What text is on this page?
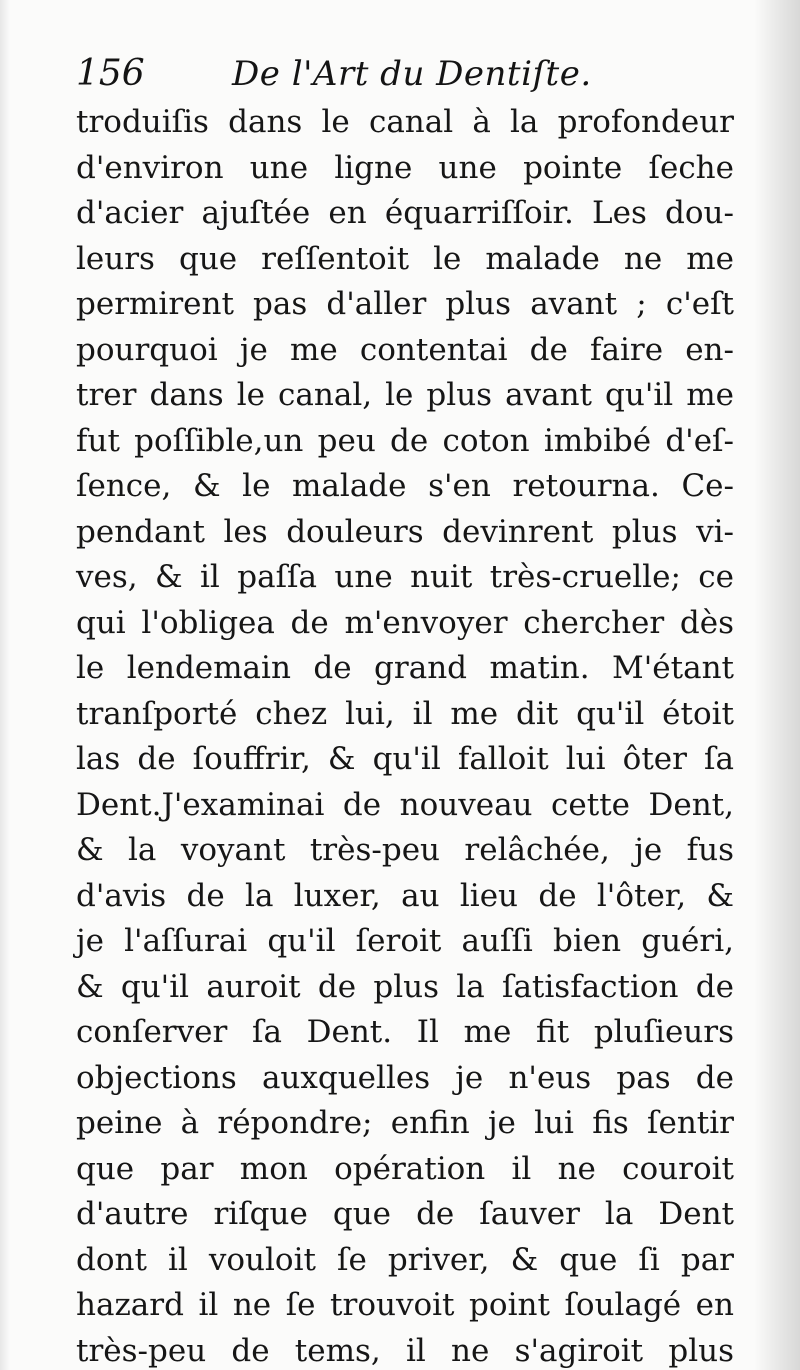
156	De l'Art du Dentiſte.
troduiſis dans le canal à la profondeur
d'environ une ligne une pointe ſeche
d'acier ajuſtée en équarriſſoir. Les dou-
leurs que reſſentoit le malade ne me
permirent pas d'aller plus avant ; c'eſt
pourquoi je me contentai de faire en-
trer dans le canal, le plus avant qu'il me
fut poſſible,un peu de coton imbibé d'eſ-
ſence, & le malade s'en retourna. Ce-
pendant les douleurs devinrent plus vi-
ves, & il paſſa une nuit très-cruelle; ce
qui l'obligea de m'envoyer chercher dès
le lendemain de grand matin. M'étant
tranſporté chez lui, il me dit qu'il étoit
las de ſouffrir, & qu'il falloit lui ôter ſa
Dent.J'examinai de nouveau cette Dent,
& la voyant très-peu relâchée, je fus
d'avis de la luxer, au lieu de l'ôter, &
je l'aſſurai qu'il ſeroit auſſi bien guéri,
& qu'il auroit de plus la ſatisfaction de
conſerver ſa Dent. Il me fit pluſieurs
objections auxquelles je n'eus pas de
peine à répondre; enfin je lui fis ſentir
que par mon opération il ne couroit
d'autre riſque que de ſauver la Dent
dont il vouloit ſe priver, & que ſi par
hazard il ne ſe trouvoit point ſoulagé en
très-peu de tems, il ne s'agiroit plus
